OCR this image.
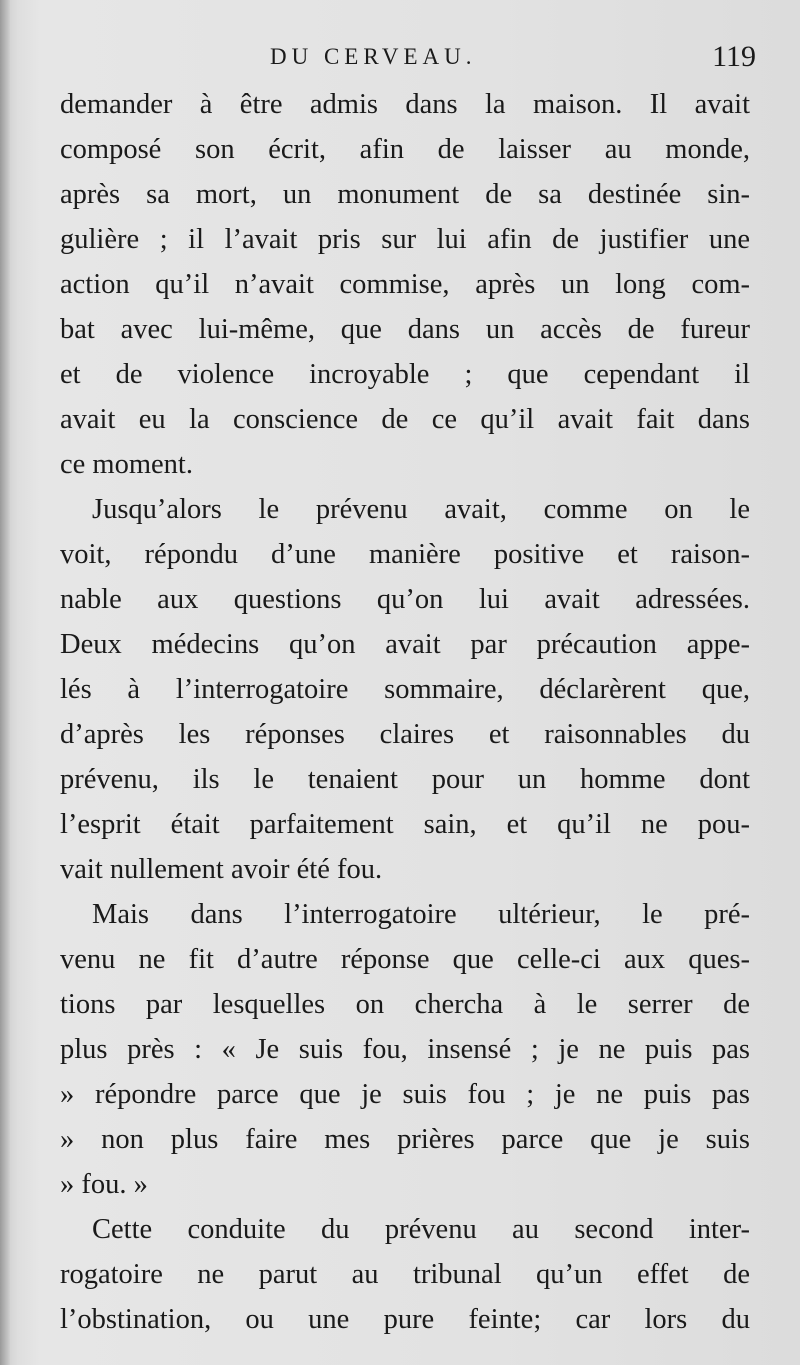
DU CERVEAU.	119
demander à être admis dans la maison. Il avait
composé son écrit, afin de laisser au monde,
après sa mort, un monument de sa destinée sin-
gulière ; il l’avait pris sur lui afin de justifier une
action qu’il n’avait commise, après un long com-
bat avec lui-même, que dans un accès de fureur
et de violence incroyable ; que cependant il
avait eu la conscience de ce qu’il avait fait dans
ce moment.
Jusqu’alors le prévenu avait, comme on le
voit, répondu d’une manière positive et raison-
nable aux questions qu’on lui avait adressées.
Deux médecins qu’on avait par précaution appe-
lés à l’interrogatoire sommaire, déclarèrent que,
d’après les réponses claires et raisonnables du
prévenu, ils le tenaient pour un homme dont
l’esprit était parfaitement sain, et qu’il ne pou-
vait nullement avoir été fou.
Mais dans l’interrogatoire ultérieur, le pré-
venu ne fit d’autre réponse que celle-ci aux ques-
tions par lesquelles on chercha à le serrer de
plus près : « Je suis fou, insensé ; je ne puis pas
» répondre parce que je suis fou ; je ne puis pas
» non plus faire mes prières parce que je suis
» fou. »
Cette conduite du prévenu au second inter-
rogatoire ne parut au tribunal qu’un effet de
l’obstination, ou une pure feinte; car lors du
